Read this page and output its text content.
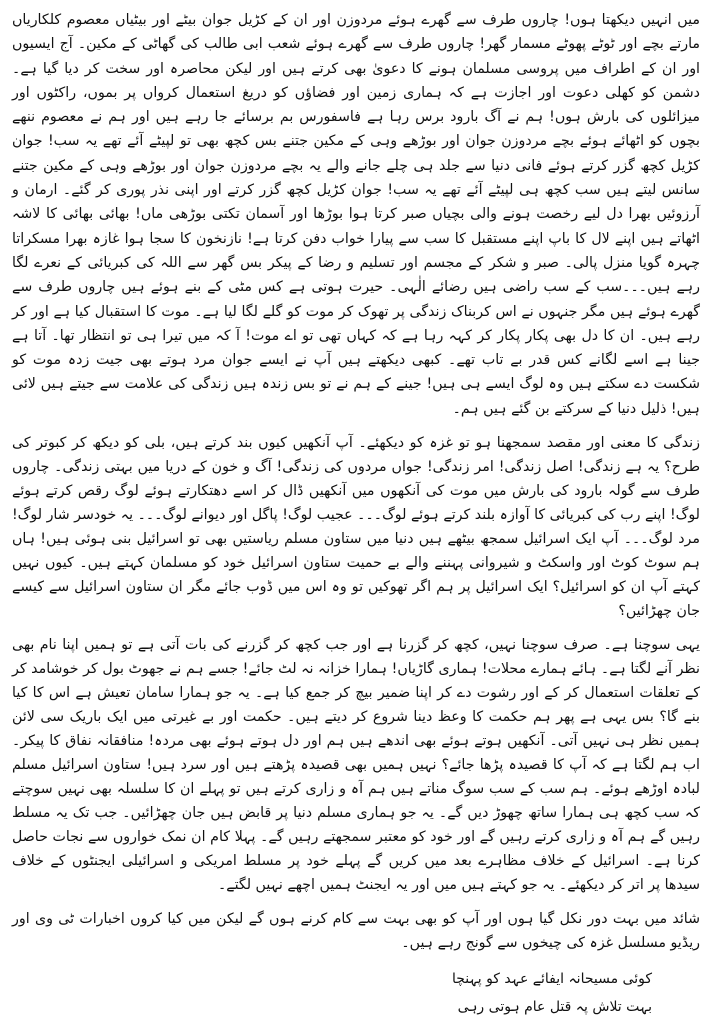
میں انہیں دیکھتا ہوں! چاروں طرف سے گھرے ہوئے مردوزن اور ان کے کڑیل جوان بیٹے اور بیٹیاں معصوم کلکاریاں مارتے بچے اور ٹوٹے پھوٹے مسمار گھر! چاروں طرف سے گھرے ہوئے شعب ابی طالب کی گھاٹی کے مکین۔ آج ایسیوں اور ان کے اطراف میں پروسی مسلمان ہونے کا دعویٰ بھی کرتے ہیں اور لیکن محاصرہ اور سخت کر دیا گیا ہے۔ دشمن کو کھلی دعوت اور اجازت ہے کہ ہماری زمین اور فضاؤں کو دریغ استعمال کرواں پر بموں، راکٹوں اور میزائلوں کی بارش ہوں! ہم نے آگ بارود برس رہا ہے فاسفورس بم برسائے جا رہے ہیں اور ہم نے معصوم ننھے بچوں کو اٹھائے ہوئے بچے مردوزن جوان اور بوڑھے وہی کے مکین جتنے بس کچھ بھی تو لپیٹے آئے تھے یہ سب! جوان کڑیل کچھ گزر کرتے ہوئے فانی دنیا سے جلد ہی چلے جانے والے یہ بچے مردوزن جوان اور بوڑھے وہی کے مکین جتنے سانس لیتے ہیں سب کچھ ہی لپیٹے آئے تھے یہ سب! جوان کڑیل کچھ گزر کرتے اور اپنی نذر پوری کر گئے۔ ارمان و آرزوئیں بھرا دل لیے رخصت ہونے والی بچیاں صبر کرتا ہوا بوڑھا اور آسمان تکتی بوڑھی ماں! بھائی بھائی کا لاشہ اٹھاتے ہیں اپنے لال کا باپ اپنے مستقبل کا سب سے پیارا خواب دفن کرتا ہے! نازنخون کا سجا ہوا غازہ بھرا مسکراتا چہرہ گویا منزل پالی۔ صبر و شکر کے مجسم اور تسلیم و رضا کے پیکر بس گھر سے اللہ کی کبریائی کے نعرے لگا رہے ہیں۔۔۔سب کے سب راضی ہیں رضائے الٰہی۔ حیرت ہوتی ہے کس مٹی کے بنے ہوئے ہیں چاروں طرف سے گھرے ہوئے ہیں مگر جنہوں نے اس کربناک زندگی پر تھوک کر موت کو گلے لگا لیا ہے۔ موت کا استقبال کیا ہے اور کر رہے ہیں۔ ان کا دل بھی پکار پکار کر کہہ رہا ہے کہ کہاں تھی تو اے موت! آ کہ میں تیرا ہی تو انتظار تھا۔ آتا ہے جینا ہے اسے لگانے کس قدر بے تاب تھے۔ کبھی دیکھتے ہیں آپ نے ایسے جوان مرد ہوتے بھی جیت زدہ موت کو شکست دے سکتے ہیں وہ لوگ ایسے ہی ہیں! جینے کے ہم نے تو بس زندہ ہیں زندگی کی علامت سے جیتے ہیں لائی ہیں! ذلیل دنیا کے سرکتے بن گئے ہیں ہم۔

زندگی کا معنی اور مقصد سمجھنا ہو تو غزہ کو دیکھئے۔ آپ آنکھیں کیوں بند کرتے ہیں، بلی کو دیکھ کر کبوتر کی طرح؟ یہ ہے زندگی! اصل زندگی! امر زندگی! جواں مردوں کی زندگی! آگ و خون کے دریا میں بہتی زندگی۔ چاروں طرف سے گولہ بارود کی بارش میں موت کی آنکھوں میں آنکھیں ڈال کر اسے دھتکارتے ہوئے لوگ رقص کرتے ہوئے لوگ! اپنے رب کی کبریائی کا آوازہ بلند کرتے ہوئے لوگ۔۔۔ عجیب لوگ! پاگل اور دیوانے لوگ۔۔۔ یہ خودسر شار لوگ! مرد لوگ۔۔۔ آپ ایک اسرائیل سمجھ بیٹھے ہیں دنیا میں ستاون مسلم ریاستیں بھی تو اسرائیل بنی ہوئی ہیں! ہاں ہم سوٹ کوٹ اور واسکٹ و شیروانی پہننے والے بے حمیت ستاون اسرائیل خود کو مسلمان کہتے ہیں۔ کیوں نہیں کہتے آپ ان کو اسرائیل؟ ایک اسرائیل پر ہم اگر تھوکیں تو وہ اس میں ڈوب جائے مگر ان ستاون اسرائیل سے کیسے جان چھڑائیں؟

یہی سوچنا ہے۔ صرف سوچنا نہیں، کچھ کر گزرنا ہے اور جب کچھ کر گزرنے کی بات آتی ہے تو ہمیں اپنا نام بھی نظر آنے لگتا ہے۔ ہائے ہمارے محلات! ہماری گاڑیاں! ہمارا خزانہ نہ لٹ جائے! جسے ہم نے جھوٹ بول کر خوشامد کر کے تعلقات استعمال کر کے اور رشوت دے کر اپنا ضمیر بیچ کر جمع کیا ہے۔ یہ جو ہمارا سامان تعیش ہے اس کا کیا بنے گا؟ بس یہی ہے پھر ہم حکمت کا وعظ دینا شروع کر دیتے ہیں۔ حکمت اور بے غیرتی میں ایک باریک سی لائن ہمیں نظر ہی نہیں آتی۔ آنکھیں ہوتے ہوئے بھی اندھے ہیں ہم اور دل ہوتے ہوئے بھی مردہ! منافقانہ نفاق کا پیکر۔ اب ہم لگتا ہے کہ آپ کا قصیدہ پڑھا جائے؟ نہیں ہمیں بھی قصیدہ پڑھتے ہیں اور سرد ہیں! ستاون اسرائیل مسلم لبادہ اوڑھے ہوئے۔ ہم سب کے سب سوگ مناتے ہیں ہم آہ و زاری کرتے ہیں تو پہلے ان کا سلسلہ بھی نہیں سوچتے کہ سب کچھ ہی ہمارا ساتھ چھوڑ دیں گے۔ یہ جو ہماری مسلم دنیا پر قابض ہیں جان چھڑائیں۔ جب تک یہ مسلط رہیں گے ہم آہ و زاری کرتے رہیں گے اور خود کو معتبر سمجھتے رہیں گے۔ پہلا کام ان نمک خواروں سے نجات حاصل کرنا ہے۔ اسرائیل کے خلاف مظاہرے بعد میں کریں گے پہلے خود پر مسلط امریکی و اسرائیلی ایجنٹوں کے خلاف سیدھا پر اتر کر دیکھئے۔ یہ جو کہتے ہیں میں اور یہ ایجنٹ ہمیں اچھے نہیں لگتے۔

شائد میں بہت دور نکل گیا ہوں اور آپ کو بھی بہت سے کام کرنے ہوں گے لیکن میں کیا کروں اخبارات ٹی وی اور ریڈیو مسلسل غزہ کی چیخوں سے گونج رہے ہیں۔

کوئی مسیحانہ ایفائے عہد کو پہنچا
بہت تلاش پہ قتل عام ہوتی رہی
